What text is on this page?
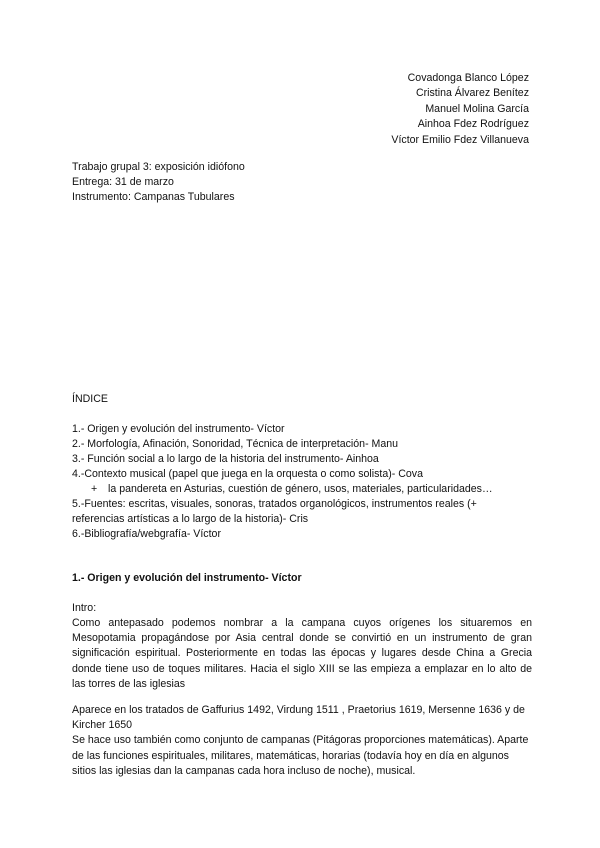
Covadonga Blanco López
Cristina Álvarez Benítez
Manuel Molina García
Ainhoa Fdez Rodríguez
Víctor Emilio Fdez Villanueva
Trabajo grupal 3: exposición idiófono
Entrega: 31 de marzo
Instrumento: Campanas Tubulares
ÍNDICE
1.- Origen y evolución del instrumento- Víctor
2.- Morfología, Afinación, Sonoridad, Técnica de interpretación- Manu
3.- Función social a lo largo de la historia del instrumento- Ainhoa
4.-Contexto musical (papel que juega en la orquesta o como solista)- Cova
+ la pandereta en Asturias, cuestión de género, usos, materiales, particularidades…
5.-Fuentes: escritas, visuales, sonoras, tratados organológicos, instrumentos reales (+ referencias artísticas a lo largo de la historia)- Cris
6.-Bibliografía/webgrafía- Víctor
1.- Origen y evolución del instrumento- Víctor
Intro:
Como antepasado podemos nombrar a la campana cuyos orígenes los situaremos en Mesopotamia propagándose por Asia central donde se convirtió en un instrumento de gran significación espiritual. Posteriormente en todas las épocas y lugares desde China a Grecia donde tiene uso de toques militares. Hacia el siglo XIII se las empieza a emplazar en lo alto de las torres de las iglesias
Aparece en los tratados de Gaffurius 1492, Virdung 1511 , Praetorius 1619, Mersenne 1636 y de Kircher 1650
Se hace uso también como conjunto de campanas (Pitágoras proporciones matemáticas). Aparte de las funciones espirituales, militares, matemáticas, horarias (todavía hoy en día en algunos sitios las iglesias dan la campanas cada hora incluso de noche), musical.
